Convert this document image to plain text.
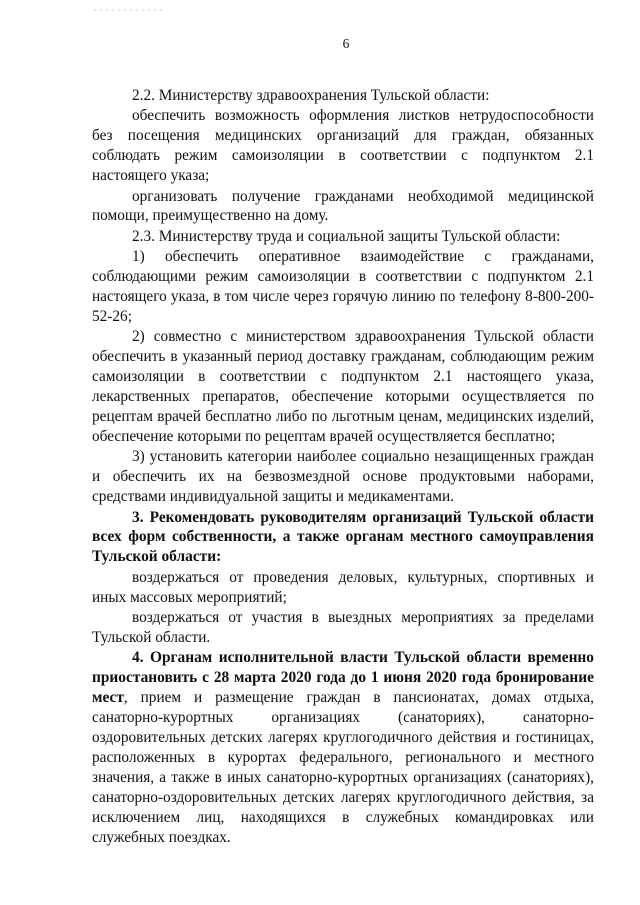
6

2.2. Министерству здравоохранения Тульской области:

обеспечить возможность оформления листков нетрудоспособности без посещения медицинских организаций для граждан, обязанных соблюдать режим самоизоляции в соответствии с подпунктом 2.1 настоящего указа;

организовать получение гражданами необходимой медицинской помощи, преимущественно на дому.

2.3. Министерству труда и социальной защиты Тульской области:

1) обеспечить оперативное взаимодействие с гражданами, соблюдающими режим самоизоляции в соответствии с подпунктом 2.1 настоящего указа, в том числе через горячую линию по телефону 8-800-200-52-26;

2) совместно с министерством здравоохранения Тульской области обеспечить в указанный период доставку гражданам, соблюдающим режим самоизоляции в соответствии с подпунктом 2.1 настоящего указа, лекарственных препаратов, обеспечение которыми осуществляется по рецептам врачей бесплатно либо по льготным ценам, медицинских изделий, обеспечение которыми по рецептам врачей осуществляется бесплатно;

3) установить категории наиболее социально незащищенных граждан и обеспечить их на безвозмездной основе продуктовыми наборами, средствами индивидуальной защиты и медикаментами.

3. Рекомендовать руководителям организаций Тульской области всех форм собственности, а также органам местного самоуправления Тульской области:

воздержаться от проведения деловых, культурных, спортивных и иных массовых мероприятий;

воздержаться от участия в выездных мероприятиях за пределами Тульской области.

4. Органам исполнительной власти Тульской области временно приостановить с 28 марта 2020 года до 1 июня 2020 года бронирование мест, прием и размещение граждан в пансионатах, домах отдыха, санаторно-курортных организациях (санаториях), санаторно-оздоровительных детских лагерях круглогодичного действия и гостиницах, расположенных в курортах федерального, регионального и местного значения, а также в иных санаторно-курортных организациях (санаториях), санаторно-оздоровительных детских лагерях круглогодичного действия, за исключением лиц, находящихся в служебных командировках или служебных поездках.
